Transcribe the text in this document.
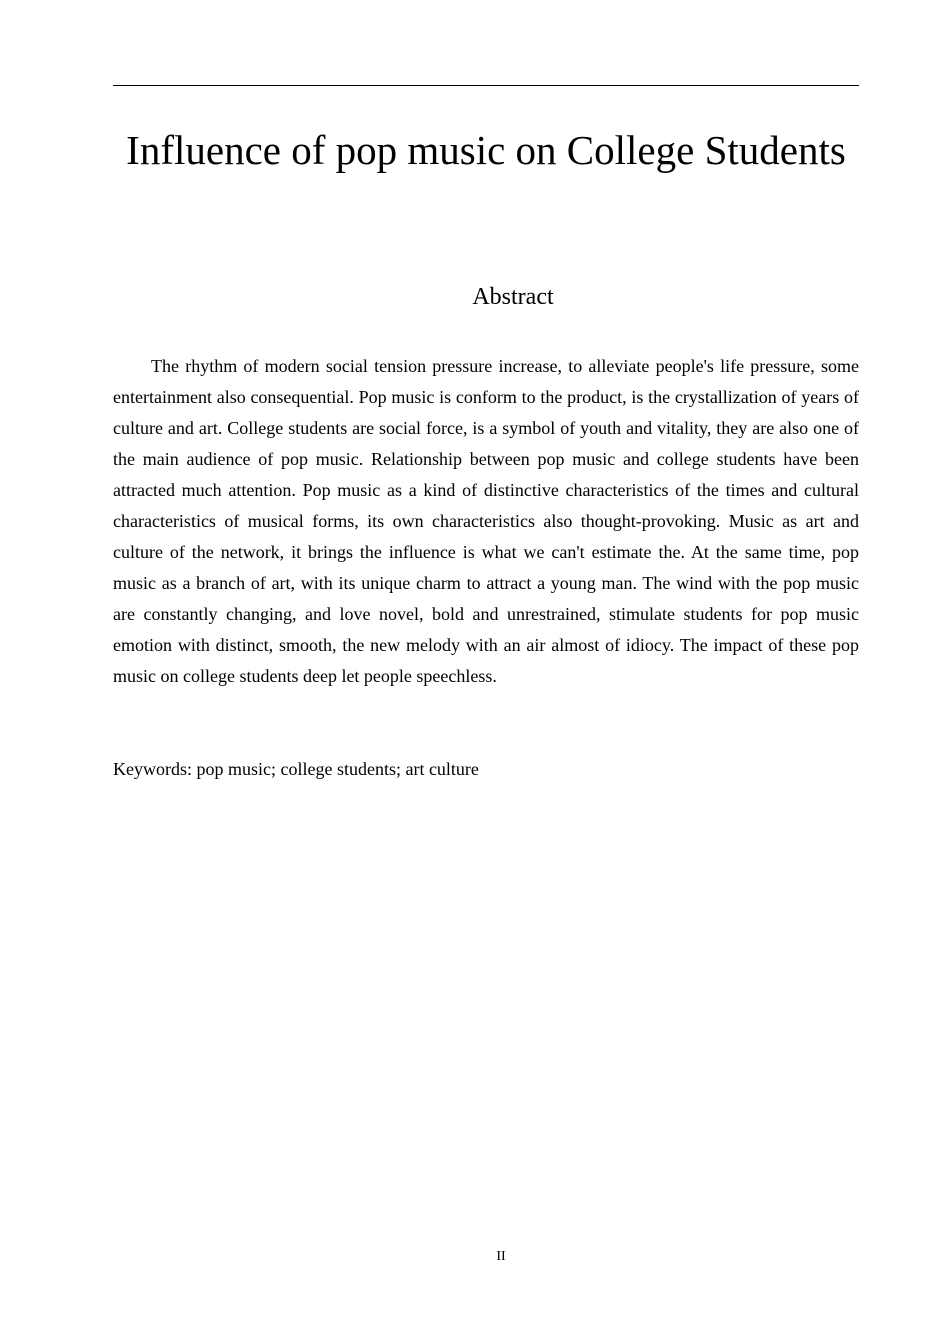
Influence of pop music on College Students
Abstract

The rhythm of modern social tension pressure increase, to alleviate people's life pressure, some entertainment also consequential. Pop music is conform to the product, is the crystallization of years of culture and art. College students are social force, is a symbol of youth and vitality, they are also one of the main audience of pop music. Relationship between pop music and college students have been attracted much attention. Pop music as a kind of distinctive characteristics of the times and cultural characteristics of musical forms, its own characteristics also thought-provoking. Music as art and culture of the network, it brings the influence is what we can't estimate the. At the same time, pop music as a branch of art, with its unique charm to attract a young man. The wind with the pop music are constantly changing, and love novel, bold and unrestrained, stimulate students for pop music emotion with distinct, smooth, the new melody with an air almost of idiocy. The impact of these pop music on college students deep let people speechless.

Keywords: pop music; college students; art culture

II
